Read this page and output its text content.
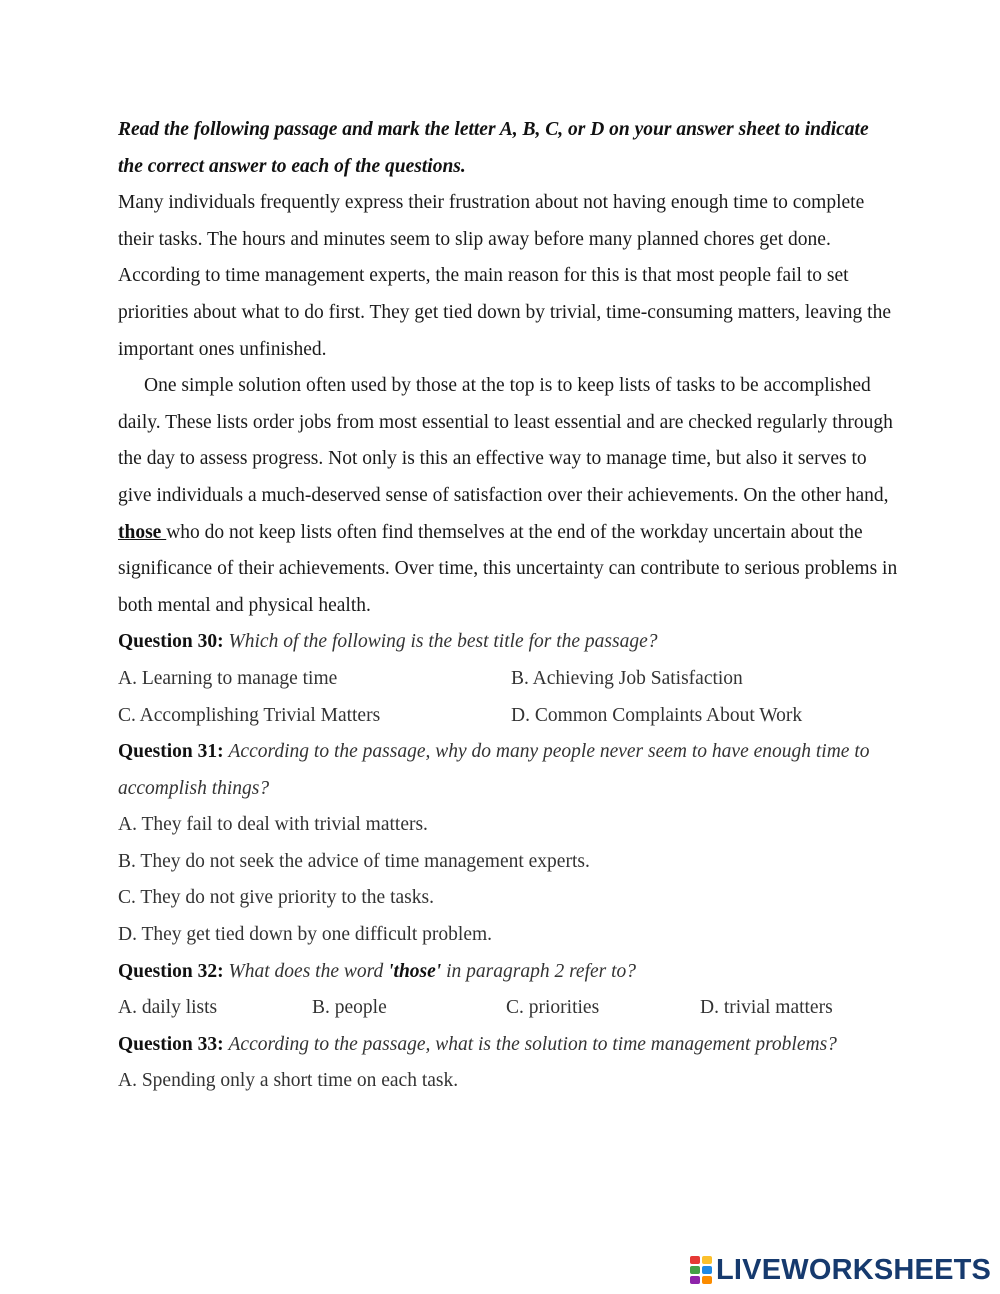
Read the following passage and mark the letter A, B, C, or D on your answer sheet to indicate the correct answer to each of the questions.

Many individuals frequently express their frustration about not having enough time to complete their tasks. The hours and minutes seem to slip away before many planned chores get done. According to time management experts, the main reason for this is that most people fail to set priorities about what to do first. They get tied down by trivial, time-consuming matters, leaving the important ones unfinished.

One simple solution often used by those at the top is to keep lists of tasks to be accomplished daily. These lists order jobs from most essential to least essential and are checked regularly through the day to assess progress. Not only is this an effective way to manage time, but also it serves to give individuals a much-deserved sense of satisfaction over their achievements. On the other hand, those who do not keep lists often find themselves at the end of the workday uncertain about the significance of their achievements. Over time, this uncertainty can contribute to serious problems in both mental and physical health.

Question 30: Which of the following is the best title for the passage?

A. Learning to manage time	B. Achieving Job Satisfaction
C. Accomplishing Trivial Matters	D. Common Complaints About Work

Question 31: According to the passage, why do many people never seem to have enough time to accomplish things?

A. They fail to deal with trivial matters.
B. They do not seek the advice of time management experts.
C. They do not give priority to the tasks.
D. They get tied down by one difficult problem.

Question 32: What does the word 'those' in paragraph 2 refer to?

A. daily lists	B. people	C. priorities	D. trivial matters

Question 33: According to the passage, what is the solution to time management problems?

A. Spending only a short time on each task.
LIVEWORKSHEETS
